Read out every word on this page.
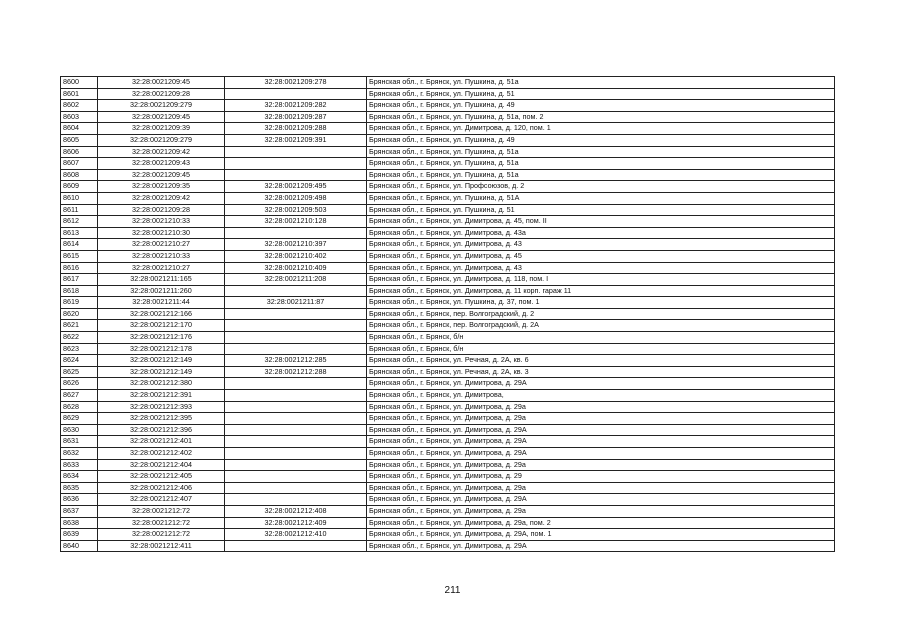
8600	32:28:0021209:45	32:28:0021209:278	Брянская обл., г. Брянск, ул. Пушкина, д. 51а
8601	32:28:0021209:28		Брянская обл., г. Брянск, ул. Пушкина, д. 51
8602	32:28:0021209:279	32:28:0021209:282	Брянская обл., г. Брянск, ул. Пушкина, д. 49
8603	32:28:0021209:45	32:28:0021209:287	Брянская обл., г. Брянск, ул. Пушкина, д. 51а, пом. 2
8604	32:28:0021209:39	32:28:0021209:288	Брянская обл., г. Брянск, ул. Димитрова, д. 120, пом. 1
8605	32:28:0021209:279	32:28:0021209:391	Брянская обл., г. Брянск, ул. Пушкина, д. 49
8606	32:28:0021209:42		Брянская обл., г. Брянск, ул. Пушкина, д. 51а
8607	32:28:0021209:43		Брянская обл., г. Брянск, ул. Пушкина, д. 51а
8608	32:28:0021209:45		Брянская обл., г. Брянск, ул. Пушкина, д. 51а
8609	32:28:0021209:35	32:28:0021209:495	Брянская обл., г. Брянск, ул. Профсоюзов, д. 2
8610	32:28:0021209:42	32:28:0021209:498	Брянская обл., г. Брянск, ул. Пушкина, д. 51А
8611	32:28:0021209:28	32:28:0021209:503	Брянская обл., г. Брянск, ул. Пушкина, д. 51
8612	32:28:0021210:33	32:28:0021210:128	Брянская обл., г. Брянск, ул. Димитрова, д. 45, пом. II
8613	32:28:0021210:30		Брянская обл., г. Брянск, ул. Димитрова, д. 43а
8614	32:28:0021210:27	32:28:0021210:397	Брянская обл., г. Брянск, ул. Димитрова, д. 43
8615	32:28:0021210:33	32:28:0021210:402	Брянская обл., г. Брянск, ул. Димитрова, д. 45
8616	32:28:0021210:27	32:28:0021210:409	Брянская обл., г. Брянск, ул. Димитрова, д. 43
8617	32:28:0021211:165	32:28:0021211:208	Брянская обл., г. Брянск, ул. Димитрова, д. 118, пом. I
8618	32:28:0021211:260		Брянская обл., г. Брянск, ул. Димитрова, д. 11 корп. гараж 11
8619	32:28:0021211:44	32:28:0021211:87	Брянская обл., г. Брянск, ул. Пушкина, д. 37, пом. 1
8620	32:28:0021212:166		Брянская обл., г. Брянск, пер. Волгоградский, д. 2
8621	32:28:0021212:170		Брянская обл., г. Брянск, пер. Волгоградский, д. 2А
8622	32:28:0021212:176		Брянская обл., г. Брянск, б/н
8623	32:28:0021212:178		Брянская обл., г. Брянск, б/н
8624	32:28:0021212:149	32:28:0021212:285	Брянская обл., г. Брянск, ул. Речная, д. 2А, кв. 6
8625	32:28:0021212:149	32:28:0021212:288	Брянская обл., г. Брянск, ул. Речная, д. 2А, кв. 3
8626	32:28:0021212:380		Брянская обл., г. Брянск, ул. Димитрова, д. 29А
8627	32:28:0021212:391		Брянская обл., г. Брянск, ул. Димитрова,
8628	32:28:0021212:393		Брянская обл., г. Брянск, ул. Димитрова, д. 29а
8629	32:28:0021212:395		Брянская обл., г. Брянск, ул. Димитрова, д. 29а
8630	32:28:0021212:396		Брянская обл., г. Брянск, ул. Димитрова, д. 29А
8631	32:28:0021212:401		Брянская обл., г. Брянск, ул. Димитрова, д. 29А
8632	32:28:0021212:402		Брянская обл., г. Брянск, ул. Димитрова, д. 29А
8633	32:28:0021212:404		Брянская обл., г. Брянск, ул. Димитрова, д. 29а
8634	32:28:0021212:405		Брянская обл., г. Брянск, ул. Димитрова, д. 29
8635	32:28:0021212:406		Брянская обл., г. Брянск, ул. Димитрова, д. 29а
8636	32:28:0021212:407		Брянская обл., г. Брянск, ул. Димитрова, д. 29А
8637	32:28:0021212:72	32:28:0021212:408	Брянская обл., г. Брянск, ул. Димитрова, д. 29а
8638	32:28:0021212:72	32:28:0021212:409	Брянская обл., г. Брянск, ул. Димитрова, д. 29а, пом. 2
8639	32:28:0021212:72	32:28:0021212:410	Брянская обл., г. Брянск, ул. Димитрова, д. 29А, пом. 1
8640	32:28:0021212:411		Брянская обл., г. Брянск, ул. Димитрова, д. 29А
211
